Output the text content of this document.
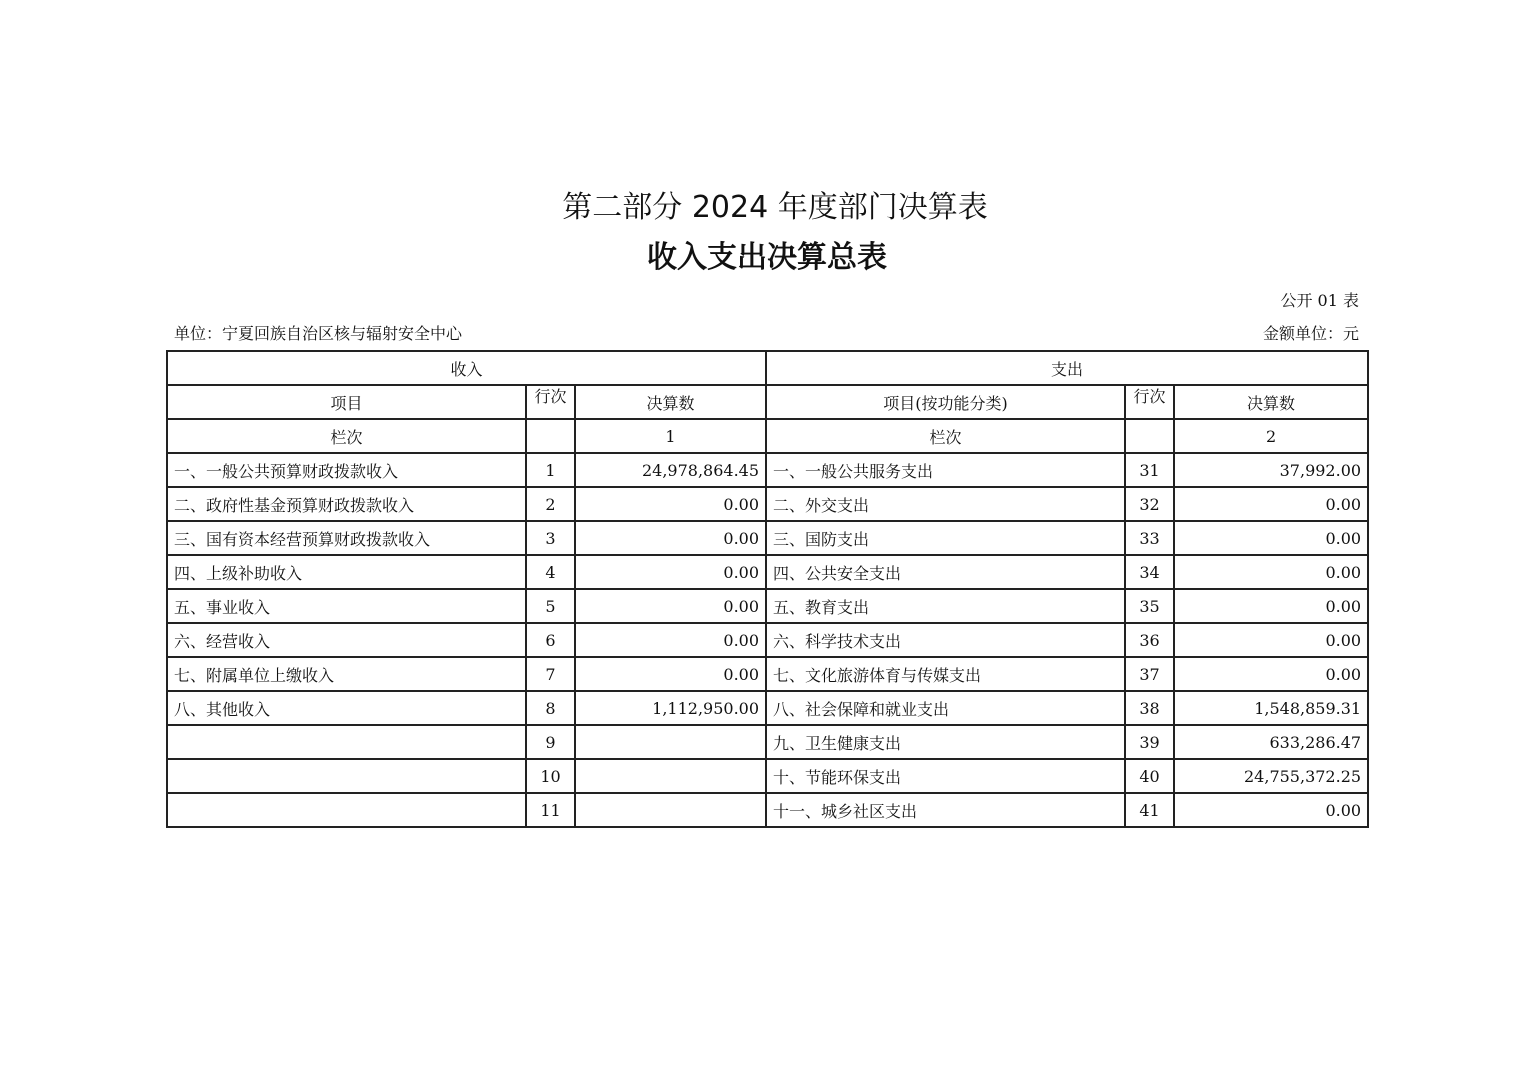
第二部分 2024 年度部门决算表
收入支出决算总表
公开 01 表
单位：宁夏回族自治区核与辐射安全中心	金额单位：元
收入			支出		
项目	行次	决算数	项目(按功能分类)	行次	决算数
栏次		1	栏次		2
一、一般公共预算财政拨款收入	1	24,978,864.45	一、一般公共服务支出	31	37,992.00
二、政府性基金预算财政拨款收入	2	0.00	二、外交支出	32	0.00
三、国有资本经营预算财政拨款收入	3	0.00	三、国防支出	33	0.00
四、上级补助收入	4	0.00	四、公共安全支出	34	0.00
五、事业收入	5	0.00	五、教育支出	35	0.00
六、经营收入	6	0.00	六、科学技术支出	36	0.00
七、附属单位上缴收入	7	0.00	七、文化旅游体育与传媒支出	37	0.00
八、其他收入	8	1,112,950.00	八、社会保障和就业支出	38	1,548,859.31
	9		九、卫生健康支出	39	633,286.47
	10		十、节能环保支出	40	24,755,372.25
	11		十一、城乡社区支出	41	0.00
